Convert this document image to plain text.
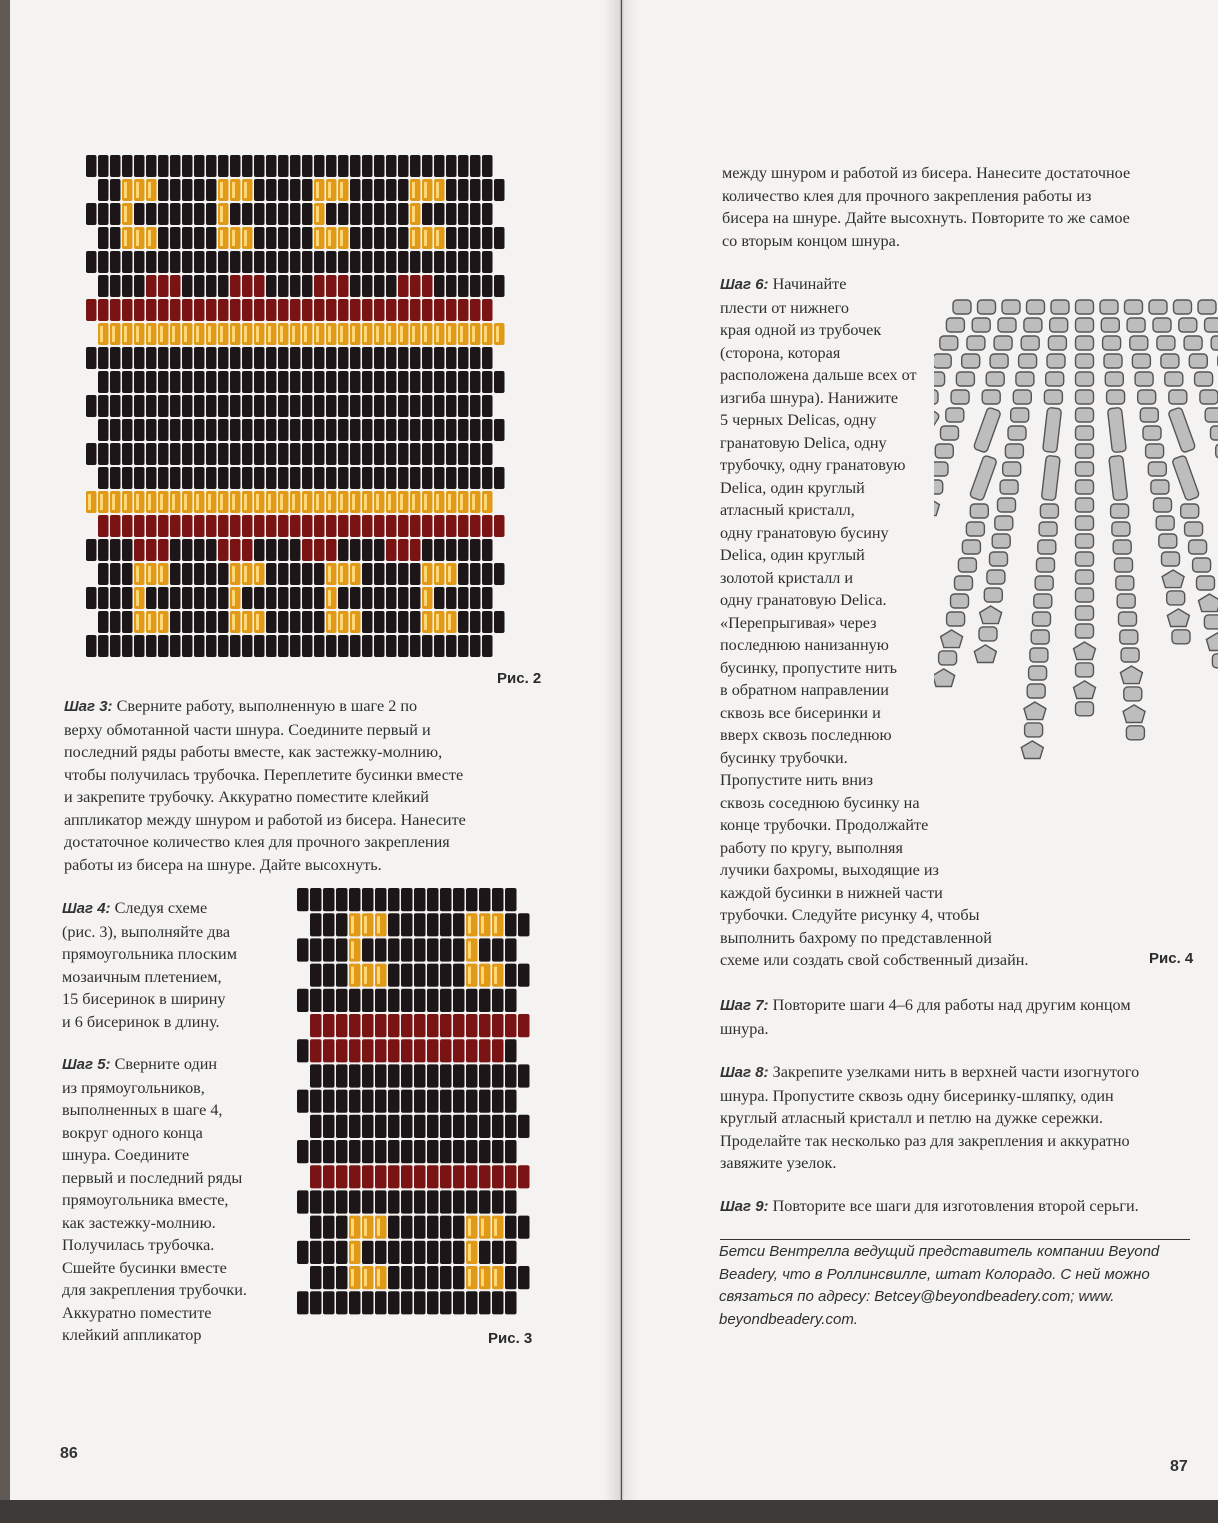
Рис. 2
Шаг 3: Сверните работу, выполненную в шаге 2 по
верху обмотанной части шнура. Соедините первый и
последний ряды работы вместе, как застежку-молнию,
чтобы получилась трубочка. Переплетите бусинки вместе
и закрепите трубочку. Аккуратно поместите клейкий
аппликатор между шнуром и работой из бисера. Нанесите
достаточное количество клея для прочного закрепления
работы из бисера на шнуре. Дайте высохнуть.
Шаг 4: Следуя схеме
(рис. 3), выполняйте два
прямоугольника плоским
мозаичным плетением,
15 бисеринок в ширину
и 6 бисеринок в длину.
Шаг 5: Сверните один
из прямоугольников,
выполненных в шаге 4,
вокруг одного конца
шнура. Соедините
первый и последний ряды
прямоугольника вместе,
как застежку-молнию.
Получилась трубочка.
Сшейте бусинки вместе
для закрепления трубочки.
Аккуратно поместите
клейкий аппликатор	Рис. 3
86
между шнуром и работой из бисера. Нанесите достаточное
количество клея для прочного закрепления работы из
бисера на шнуре. Дайте высохнуть. Повторите то же самое
со вторым концом шнура.
Шаг 6: Начинайте
плести от нижнего
края одной из трубочек
(сторона, которая
расположена дальше всех от
изгиба шнура). Нанижите
5 черных Delicas, одну
гранатовую Delica, одну
трубочку, одну гранатовую
Delica, один круглый
атласный кристалл,
одну гранатовую бусину
Delica, один круглый
золотой кристалл и
одну гранатовую Delica.
«Перепрыгивая» через
последнюю нанизанную
бусинку, пропустите нить
в обратном направлении
сквозь все бисеринки и
вверх сквозь последнюю
бусинку трубочки.
Пропустите нить вниз
сквозь соседнюю бусинку на
конце трубочки. Продолжайте
работу по кругу, выполняя
лучики бахромы, выходящие из
каждой бусинки в нижней части
трубочки. Следуйте рисунку 4, чтобы
выполнить бахрому по представленной
схеме или создать свой собственный дизайн.	Рис. 4
Шаг 7: Повторите шаги 4–6 для работы над другим концом
шнура.
Шаг 8: Закрепите узелками нить в верхней части изогнутого
шнура. Пропустите сквозь одну бисеринку-шляпку, один
круглый атласный кристалл и петлю на дужке сережки.
Проделайте так несколько раз для закрепления и аккуратно
завяжите узелок.
Шаг 9: Повторите все шаги для изготовления второй серьги.
Бетси Вентрелла ведущий представитель компании Beyond
Beadery, что в Роллинсвилле, штат Колорадо. С ней можно
связаться по адресу: Betcey@beyondbeadery.com; www.
beyondbeadery.com.
87
